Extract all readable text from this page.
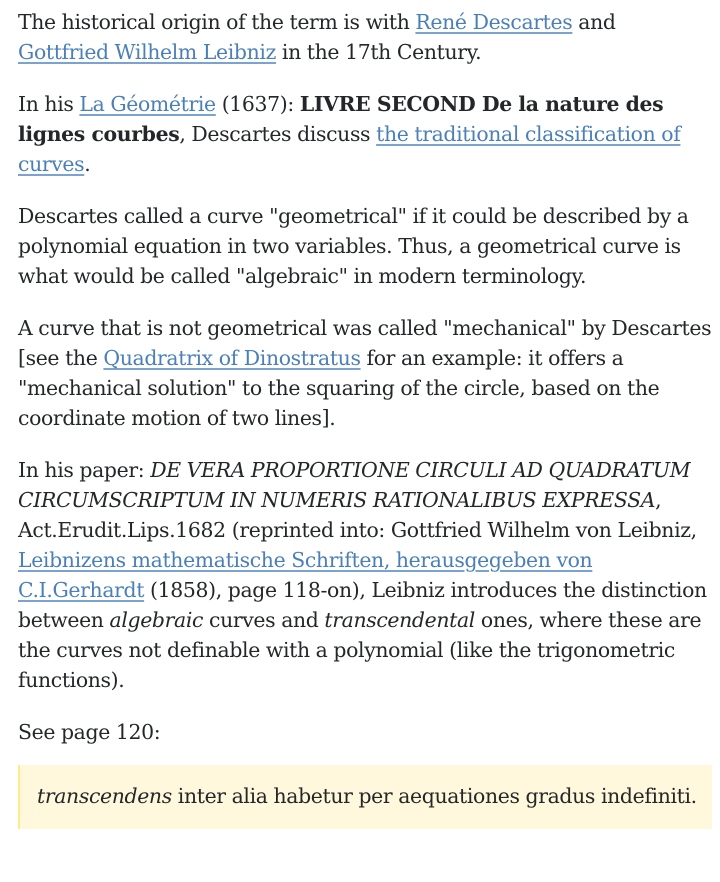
The historical origin of the term is with René Descartes and Gottfried Wilhelm Leibniz in the 17th Century.

In his La Géométrie (1637): LIVRE SECOND De la nature des lignes courbes, Descartes discuss the traditional classification of curves.

Descartes called a curve "geometrical" if it could be described by a polynomial equation in two variables. Thus, a geometrical curve is what would be called "algebraic" in modern terminology.

A curve that is not geometrical was called "mechanical" by Descartes [see the Quadratrix of Dinostratus for an example: it offers a "mechanical solution" to the squaring of the circle, based on the coordinate motion of two lines].

In his paper: DE VERA PROPORTIONE CIRCULI AD QUADRATUM CIRCUMSCRIPTUM IN NUMERIS RATIONALIBUS EXPRESSA, Act.Erudit.Lips.1682 (reprinted into: Gottfried Wilhelm von Leibniz, Leibnizens mathematische Schriften, herausgegeben von C.I.Gerhardt (1858), page 118-on), Leibniz introduces the distinction between algebraic curves and transcendental ones, where these are the curves not definable with a polynomial (like the trigonometric functions).

See page 120:

transcendens inter alia habetur per aequationes gradus indefiniti.
